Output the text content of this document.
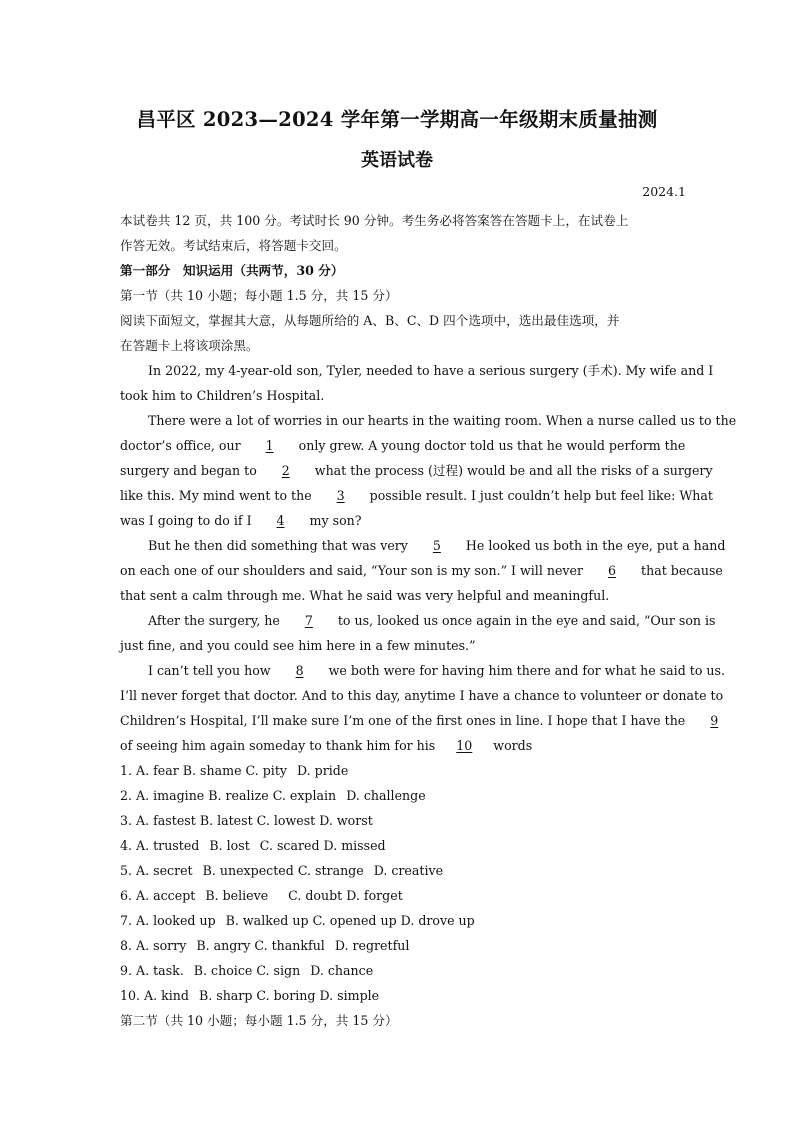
昌平区 2023—2024 学年第一学期高一年级期末质量抽测
英语试卷
2024.1
本试卷共 12 页，共 100 分。考试时长 90 分钟。考生务必将答案答在答题卡上，在试卷上
作答无效。考试结束后，将答题卡交回。
第一部分　知识运用（共两节，30 分）
第一节（共 10 小题；每小题 1.5 分，共 15 分）
阅读下面短文，掌握其大意，从每题所给的 A、B、C、D 四个选项中，选出最佳选项，并
在答题卡上将该项涂黑。
In 2022, my 4-year-old son, Tyler, needed to have a serious surgery (手术). My wife and I
took him to Children’s Hospital.
There were a lot of worries in our hearts in the waiting room. When a nurse called us to the
doctor’s office, our 1 only grew. A young doctor told us that he would perform the
surgery and began to 2 what the process (过程) would be and all the risks of a surgery
like this. My mind went to the 3 possible result. I just couldn’t help but feel like: What
was I going to do if I 4 my son?
But he then did something that was very 5 He looked us both in the eye, put a hand
on each one of our shoulders and said, “Your son is my son.” I will never 6 that because
that sent a calm through me. What he said was very helpful and meaningful.
After the surgery, he 7 to us, looked us once again in the eye and said, “Our son is
just fine, and you could see him here in a few minutes.”
I can’t tell you how 8 we both were for having him there and for what he said to us.
I’ll never forget that doctor. And to this day, anytime I have a chance to volunteer or donate to
Children’s Hospital, I’ll make sure I’m one of the first ones in line. I hope that I have the 9
of seeing him again someday to thank him for his 10 words
1. A. fear B. shame C. pity D. pride
2. A. imagine B. realize C. explain D. challenge
3. A. fastest B. latest C. lowest D. worst
4. A. trusted B. lost C. scared D. missed
5. A. secret B. unexpected C. strange D. creative
6. A. accept B. believe C. doubt D. forget
7. A. looked up B. walked up C. opened up D. drove up
8. A. sorry B. angry C. thankful D. regretful
9. A. task. B. choice C. sign D. chance
10. A. kind B. sharp C. boring D. simple
第二节（共 10 小题；每小题 1.5 分，共 15 分）
